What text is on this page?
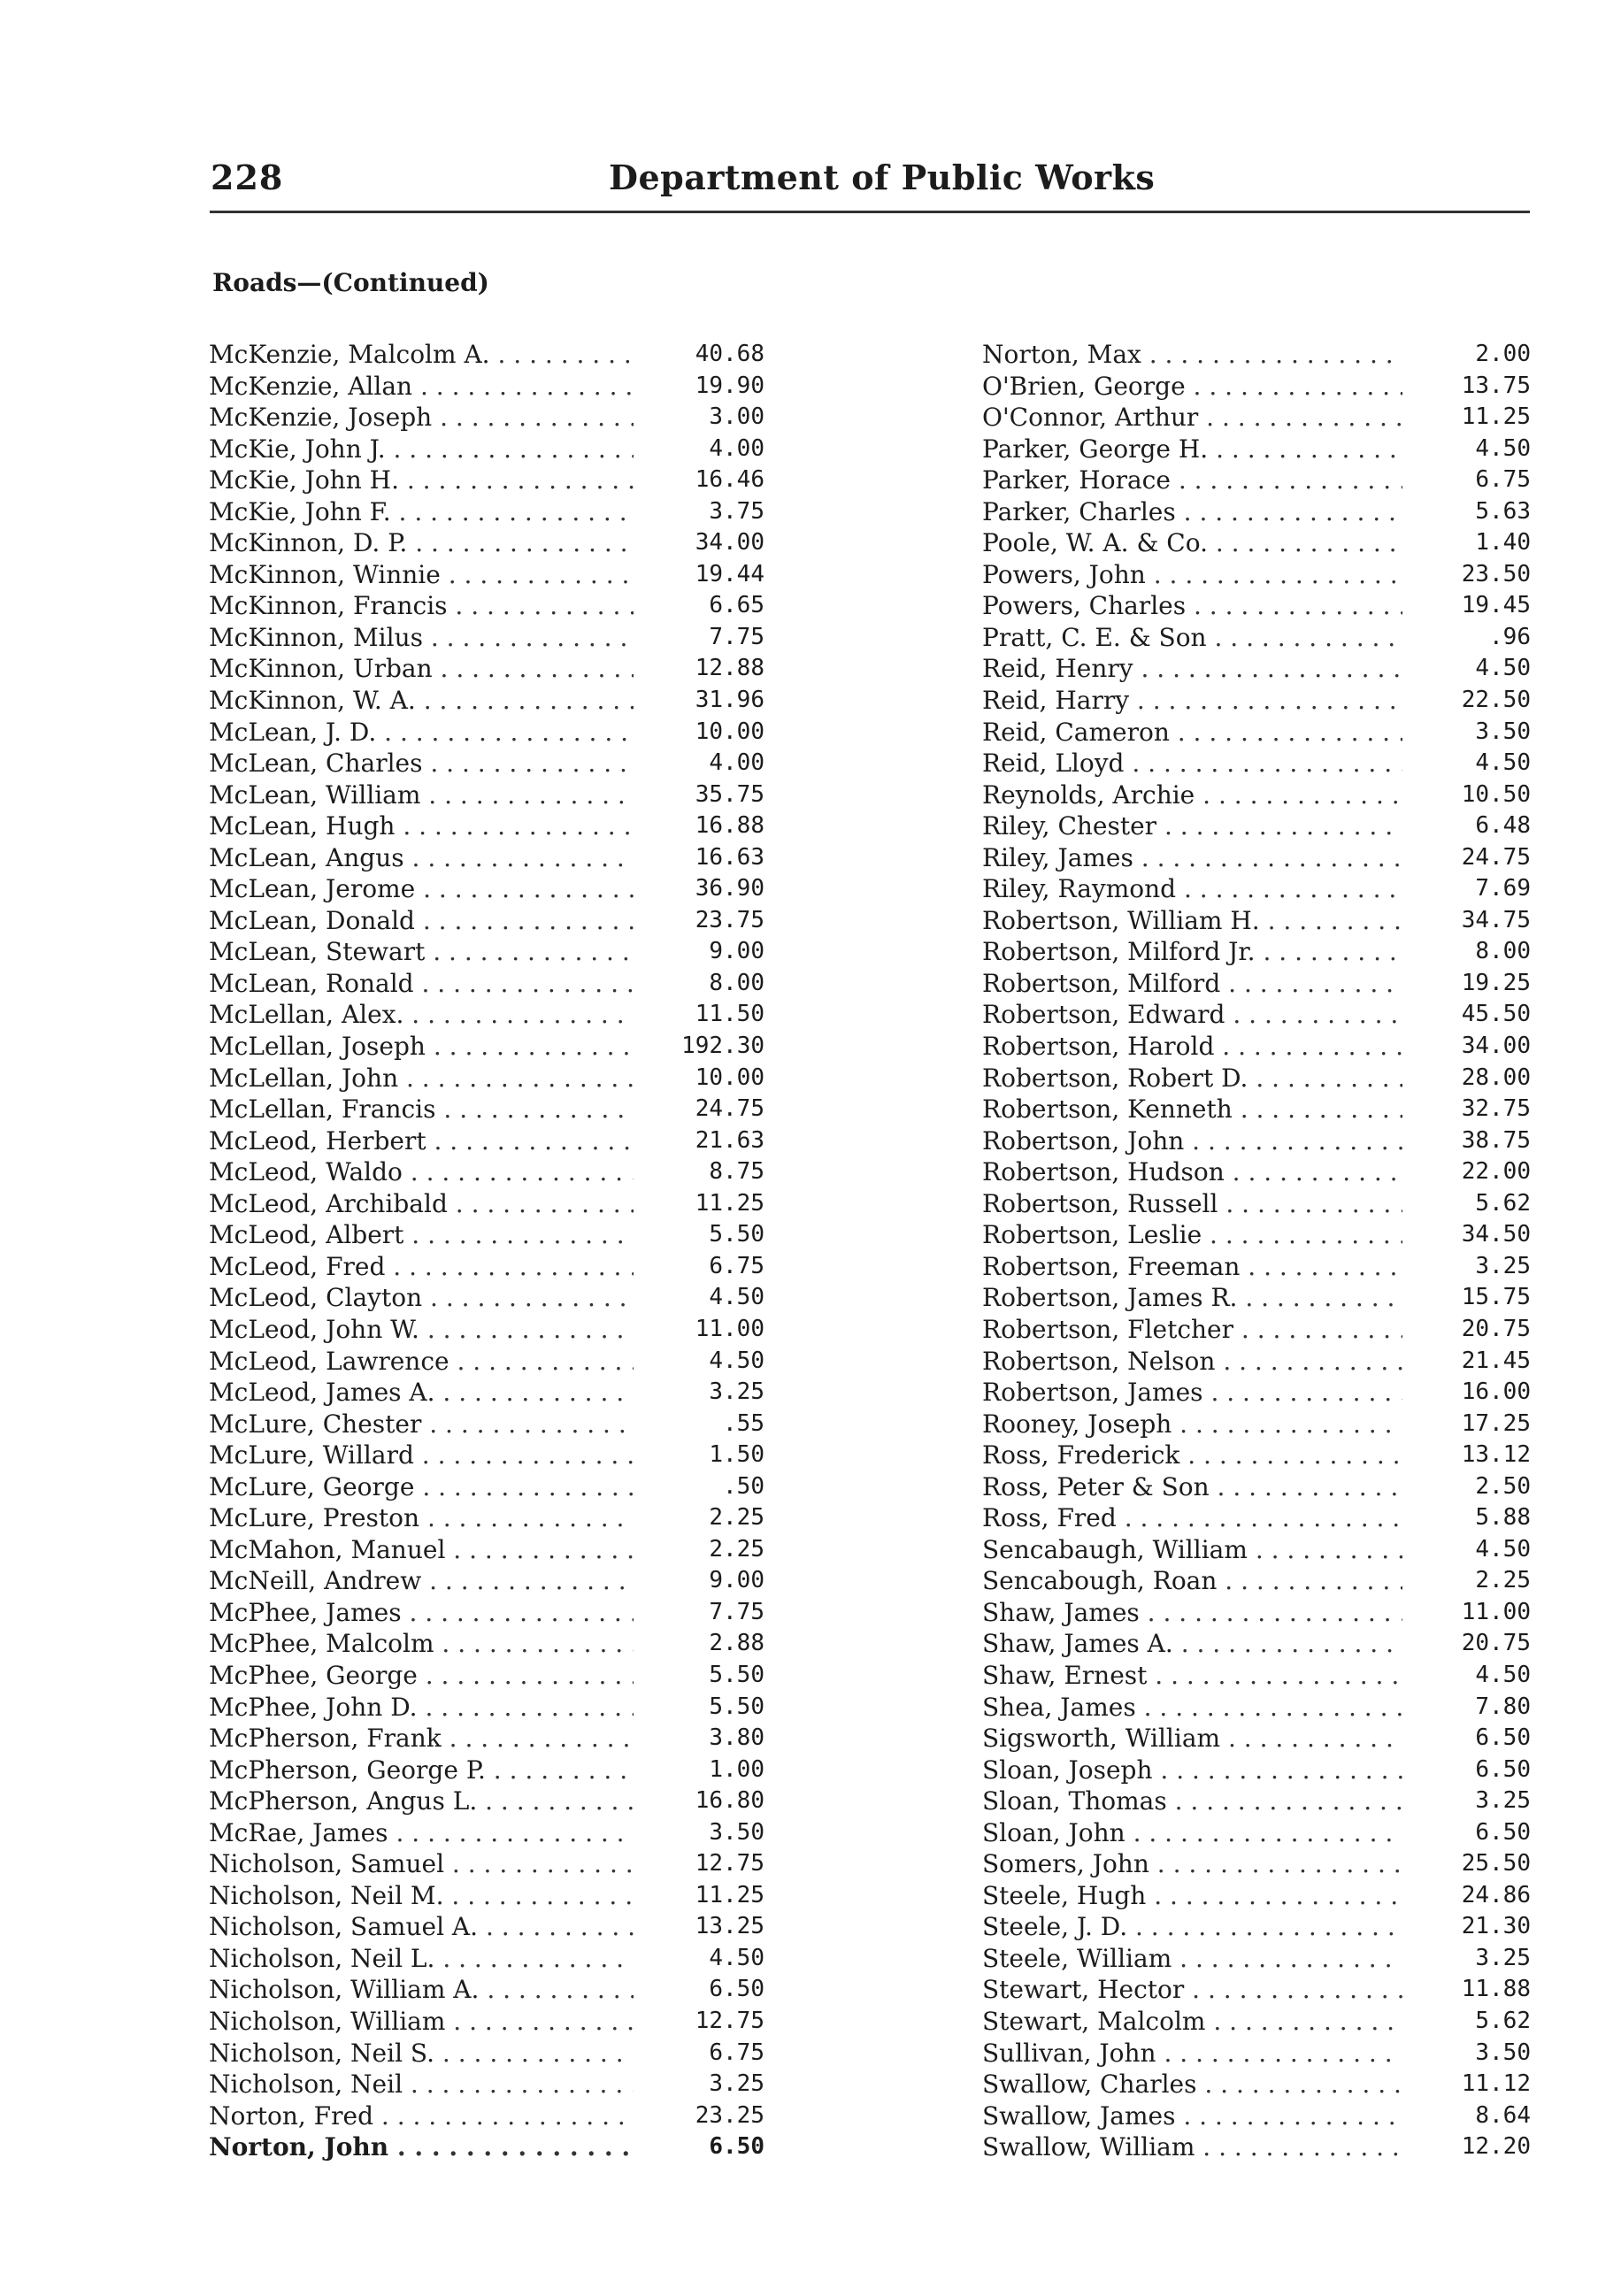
228	Department of Public Works
Roads—(Continued)
McKenzie, Malcolm A. . . .	40.68
McKenzie, Allan . . .	19.90
McKenzie, Joseph . . .	3.00
McKie, John J. . . .	4.00
McKie, John H. . . .	16.46
McKie, John F. . . .	3.75
McKinnon, D. P. . . .	34.00
McKinnon, Winnie . . .	19.44
McKinnon, Francis . . .	6.65
McKinnon, Milus . . .	7.75
McKinnon, Urban . . .	12.88
McKinnon, W. A. . . .	31.96
McLean, J. D. . . .	10.00
McLean, Charles . . .	4.00
McLean, William . . .	35.75
McLean, Hugh . . .	16.88
McLean, Angus . . .	16.63
McLean, Jerome . . .	36.90
McLean, Donald . . .	23.75
McLean, Stewart . . .	9.00
McLean, Ronald . . .	8.00
McLellan, Alex. . . .	11.50
McLellan, Joseph . . .	192.30
McLellan, John . . .	10.00
McLellan, Francis . . .	24.75
McLeod, Herbert . . .	21.63
McLeod, Waldo . . .	8.75
McLeod, Archibald . . .	11.25
McLeod, Albert . . .	5.50
McLeod, Fred . . .	6.75
McLeod, Clayton . . .	4.50
McLeod, John W. . . .	11.00
McLeod, Lawrence . . .	4.50
McLeod, James A. . . .	3.25
McLure, Chester . . .	.55
McLure, Willard . . .	1.50
McLure, George . . .	.50
McLure, Preston . . .	2.25
McMahon, Manuel . . .	2.25
McNeill, Andrew . . .	9.00
McPhee, James . . .	7.75
McPhee, Malcolm . . .	2.88
McPhee, George . . .	5.50
McPhee, John D. . . .	5.50
McPherson, Frank . . .	3.80
McPherson, George P. . . .	1.00
McPherson, Angus L. . . .	16.80
McRae, James . . .	3.50
Nicholson, Samuel . . .	12.75
Nicholson, Neil M. . . .	11.25
Nicholson, Samuel A. . . .	13.25
Nicholson, Neil L. . . .	4.50
Nicholson, William A. . . .	6.50
Nicholson, William . . .	12.75
Nicholson, Neil S. . . .	6.75
Nicholson, Neil . . .	3.25
Norton, Fred . . .	23.25
Norton, John . . .	6.50
Norton, Max . . .	2.00
O'Brien, George . . .	13.75
O'Connor, Arthur . . .	11.25
Parker, George H. . . .	4.50
Parker, Horace . . .	6.75
Parker, Charles . . .	5.63
Poole, W. A. & Co. . . .	1.40
Powers, John . . .	23.50
Powers, Charles . . .	19.45
Pratt, C. E. & Son . . .	.96
Reid, Henry . . .	4.50
Reid, Harry . . .	22.50
Reid, Cameron . . .	3.50
Reid, Lloyd . . .	4.50
Reynolds, Archie . . .	10.50
Riley, Chester . . .	6.48
Riley, James . . .	24.75
Riley, Raymond . . .	7.69
Robertson, William H. . . .	34.75
Robertson, Milford Jr. . . .	8.00
Robertson, Milford . . .	19.25
Robertson, Edward . . .	45.50
Robertson, Harold . . .	34.00
Robertson, Robert D. . . .	28.00
Robertson, Kenneth . . .	32.75
Robertson, John . . .	38.75
Robertson, Hudson . . .	22.00
Robertson, Russell . . .	5.62
Robertson, Leslie . . .	34.50
Robertson, Freeman . . .	3.25
Robertson, James R. . . .	15.75
Robertson, Fletcher . . .	20.75
Robertson, Nelson . . .	21.45
Robertson, James . . .	16.00
Rooney, Joseph . . .	17.25
Ross, Frederick . . .	13.12
Ross, Peter & Son . . .	2.50
Ross, Fred . . .	5.88
Sencabaugh, William . . .	4.50
Sencabough, Roan . . .	2.25
Shaw, James . . .	11.00
Shaw, James A. . . .	20.75
Shaw, Ernest . . .	4.50
Shea, James . . .	7.80
Sigsworth, William . . .	6.50
Sloan, Joseph . . .	6.50
Sloan, Thomas . . .	3.25
Sloan, John . . .	6.50
Somers, John . . .	25.50
Steele, Hugh . . .	24.86
Steele, J. D. . . .	21.30
Steele, William . . .	3.25
Stewart, Hector . . .	11.88
Stewart, Malcolm . . .	5.62
Sullivan, John . . .	3.50
Swallow, Charles . . .	11.12
Swallow, James . . .	8.64
Swallow, William . . .	12.20
